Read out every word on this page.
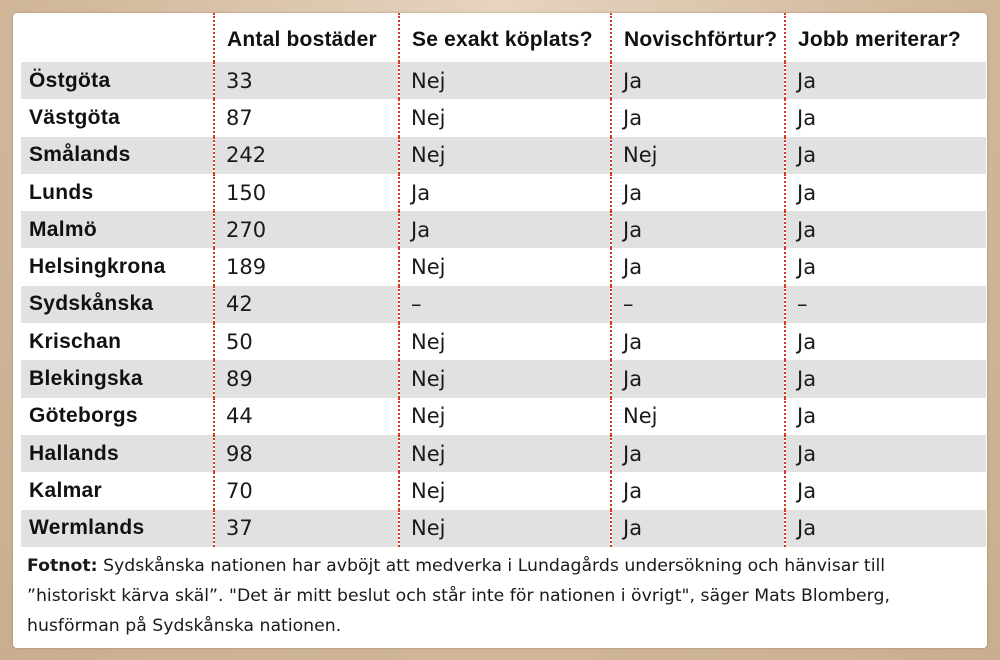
	Antal bostäder	Se exakt köplats?	Novischförtur?	Jobb meriterar?
Östgöta	33	Nej	Ja	Ja
Västgöta	87	Nej	Ja	Ja
Smålands	242	Nej	Nej	Ja
Lunds	150	Ja	Ja	Ja
Malmö	270	Ja	Ja	Ja
Helsingkrona	189	Nej	Ja	Ja
Sydskånska	42	–	–	–
Krischan	50	Nej	Ja	Ja
Blekingska	89	Nej	Ja	Ja
Göteborgs	44	Nej	Nej	Ja
Hallands	98	Nej	Ja	Ja
Kalmar	70	Nej	Ja	Ja
Wermlands	37	Nej	Ja	Ja
Fotnot: Sydskånska nationen har avböjt att medverka i Lundagårds undersökning och hänvisar till ”historiskt kärva skäl”. "Det är mitt beslut och står inte för nationen i övrigt", säger Mats Blomberg, husförman på Sydskånska nationen.
